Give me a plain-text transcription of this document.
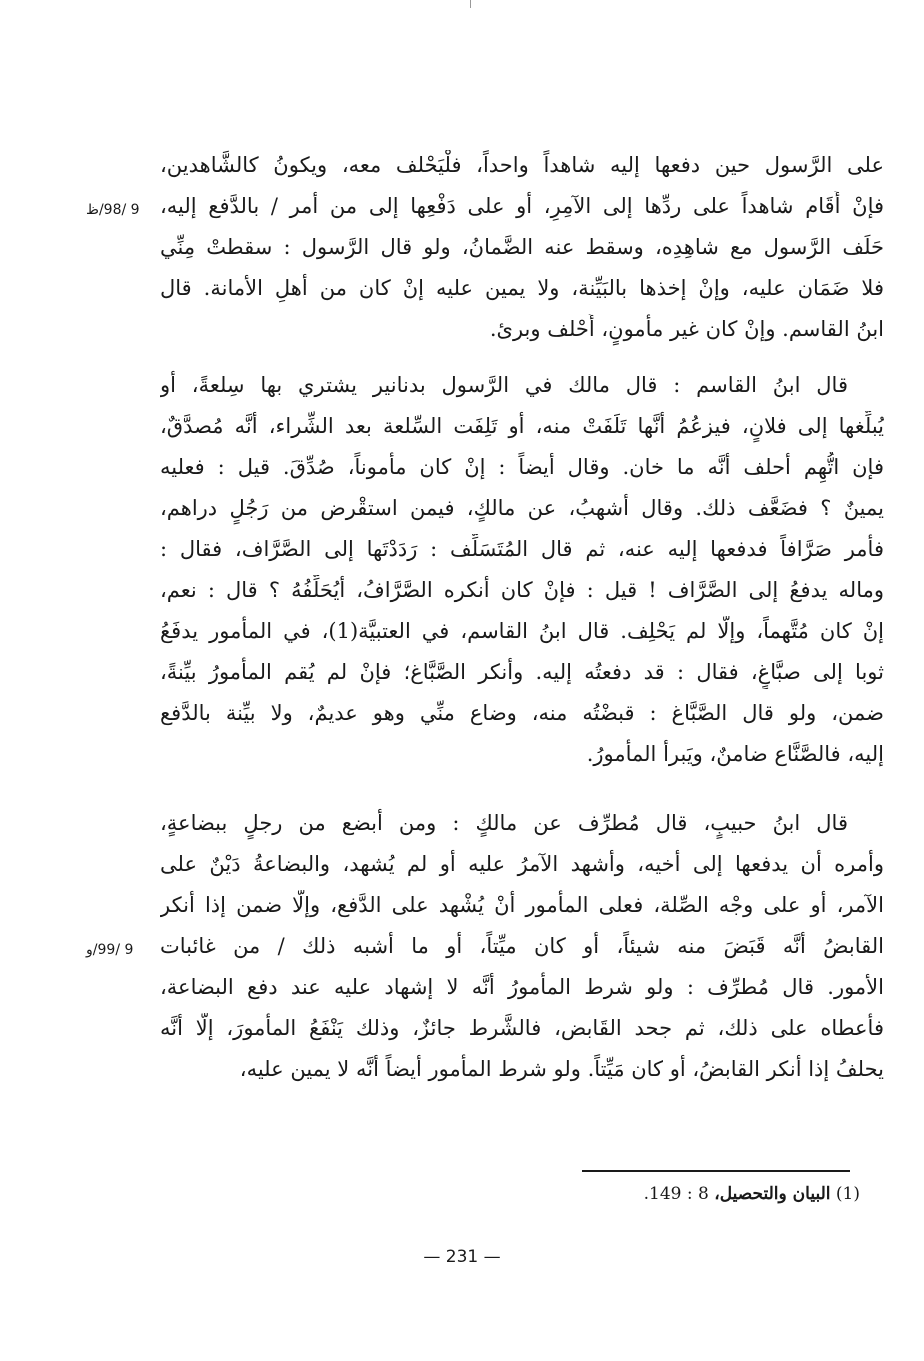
على الرَّسول حين دفعها إليه شاهداً واحداً، فلْيَحْلف معه، ويكونُ كالشَّاهدين،
فإنْ أَقَام شاهداً على ردِّها إلى الآمِرِ، أو على دَفْعِها إلى من أمر / بالدَّفع إليه،
حَلَف الرَّسول مع شاهِدِه، وسقط عنه الضَّمانُ، ولو قال الرَّسول : سقطتْ مِنِّي
فلا ضَمَان عليه، وإنْ إخذها بالبَيِّنة، ولا يمين عليه إنْ كان من أهلِ الأمانة. قال
ابنُ القاسم. وإنْ كان غير مأمونٍ، أُحْلف وبرئ.
9 /98/ظ
قال ابنُ القاسم : قال مالك في الرَّسول بدنانير يشتري بها سِلعةً، أو
يُبلِّغها إلى فلانٍ، فيزعُمُ أنَّها تَلَفَتْ منه، أو تَلِفَت السِّلعة بعد الشِّراء، أنَّه مُصدَّقٌ،
فإن اتُّهِم أحلف أنَّه ما خان. وقال أيضاً : إنْ كان مأموناً، صُدِّقَ. قيل : فعليه
يمينٌ ؟ فضَعَّف ذلك. وقال أشهبُ، عن مالكٍ، فيمن استقْرض من رَجُلٍ دراهم،
فأمر صَرَّافاً فدفعها إليه عنه، ثم قال المُتَسَلِّف : رَدَدْتَها إلى الصَّرَّاف، فقال :
وماله يدفعُ إلى الصَّرَّاف ! قيل : فإنْ كان أنكره الصَّرَّافُ، أيُحَلِّفُهُ ؟ قال : نعم،
إنْ كان مُتَّهماً، وإلَّا لم يَحْلِف. قال ابنُ القاسم، في العتبيَّة(1)، في المأمور يدفَعُ
ثوبا إلى صبَّاغٍ، فقال : قد دفعتُه إليه. وأنكر الصَّبَّاغ؛ فإنْ لم يُقم المأمورُ بيِّنةً،
ضمن، ولو قال الصَّبَّاغ : قبضْتُه منه، وضاع منِّي وهو عديمٌ، ولا بيِّنة بالدَّفع
إليه، فالصَّنَّاع ضامنٌ، ويَبرأ المأمورُ.
قال ابنُ حبيبٍ، قال مُطرِّف عن مالكٍ : ومن أبضع من رجلٍ ببضاعةٍ،
وأمره أن يدفعها إلى أخيه، وأشهد الآمرُ عليه أو لم يُشهد، والبضاعةُ دَيْنٌ على
الآمر، أو على وجْه الصِّلة، فعلى المأمور أنْ يُشْهد على الدَّفع، وإلَّا ضمن إذا أنكر
القابضُ أنَّه قَبَضَ منه شيئاً، أو كان ميِّتاً، أو ما أشبه ذلك / من غائبات
الأمور. قال مُطرِّف : ولو شرط المأمورُ أنَّه لا إشهاد عليه عند دفع البضاعة،
فأعطاه على ذلك، ثم جحد القَابض، فالشَّرط جائزٌ، وذلك يَنْفَعُ المأمورَ، إلَّا أنَّه
يحلفُ إذا أنكر القابضُ، أو كان مَيِّتاً. ولو شرط المأمور أيضاً أنَّه لا يمين عليه،
9 /99/و
(1) البيان والتحصيل، 8 : 149.
— 231 —
